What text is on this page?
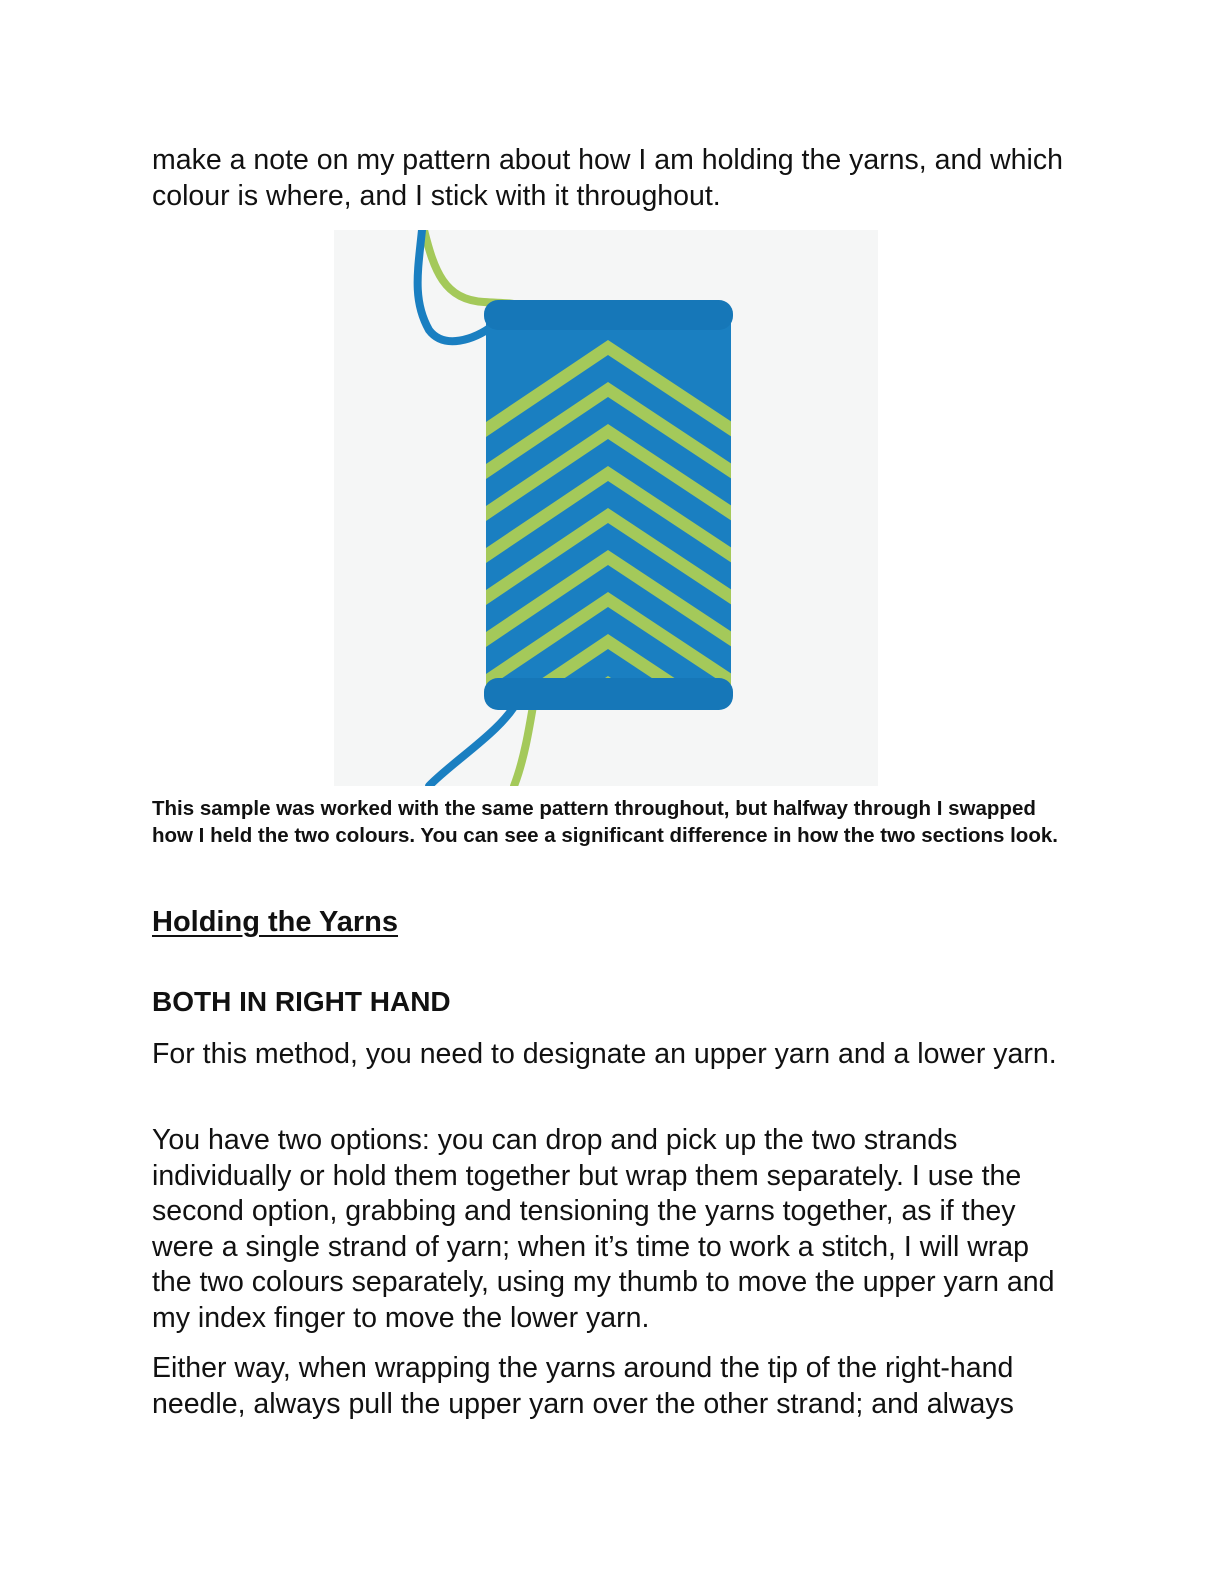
make a note on my pattern about how I am holding the yarns, and which colour is where, and I stick with it throughout.

This sample was worked with the same pattern throughout, but halfway through I swapped how I held the two colours. You can see a significant difference in how the two sections look.

Holding the Yarns
BOTH IN RIGHT HAND

For this method, you need to designate an upper yarn and a lower yarn.

You have two options: you can drop and pick up the two strands individually or hold them together but wrap them separately. I use the second option, grabbing and tensioning the yarns together, as if they were a single strand of yarn; when it’s time to work a stitch, I will wrap the two colours separately, using my thumb to move the upper yarn and my index finger to move the lower yarn.

Either way, when wrapping the yarns around the tip of the right-hand needle, always pull the upper yarn over the other strand; and always
